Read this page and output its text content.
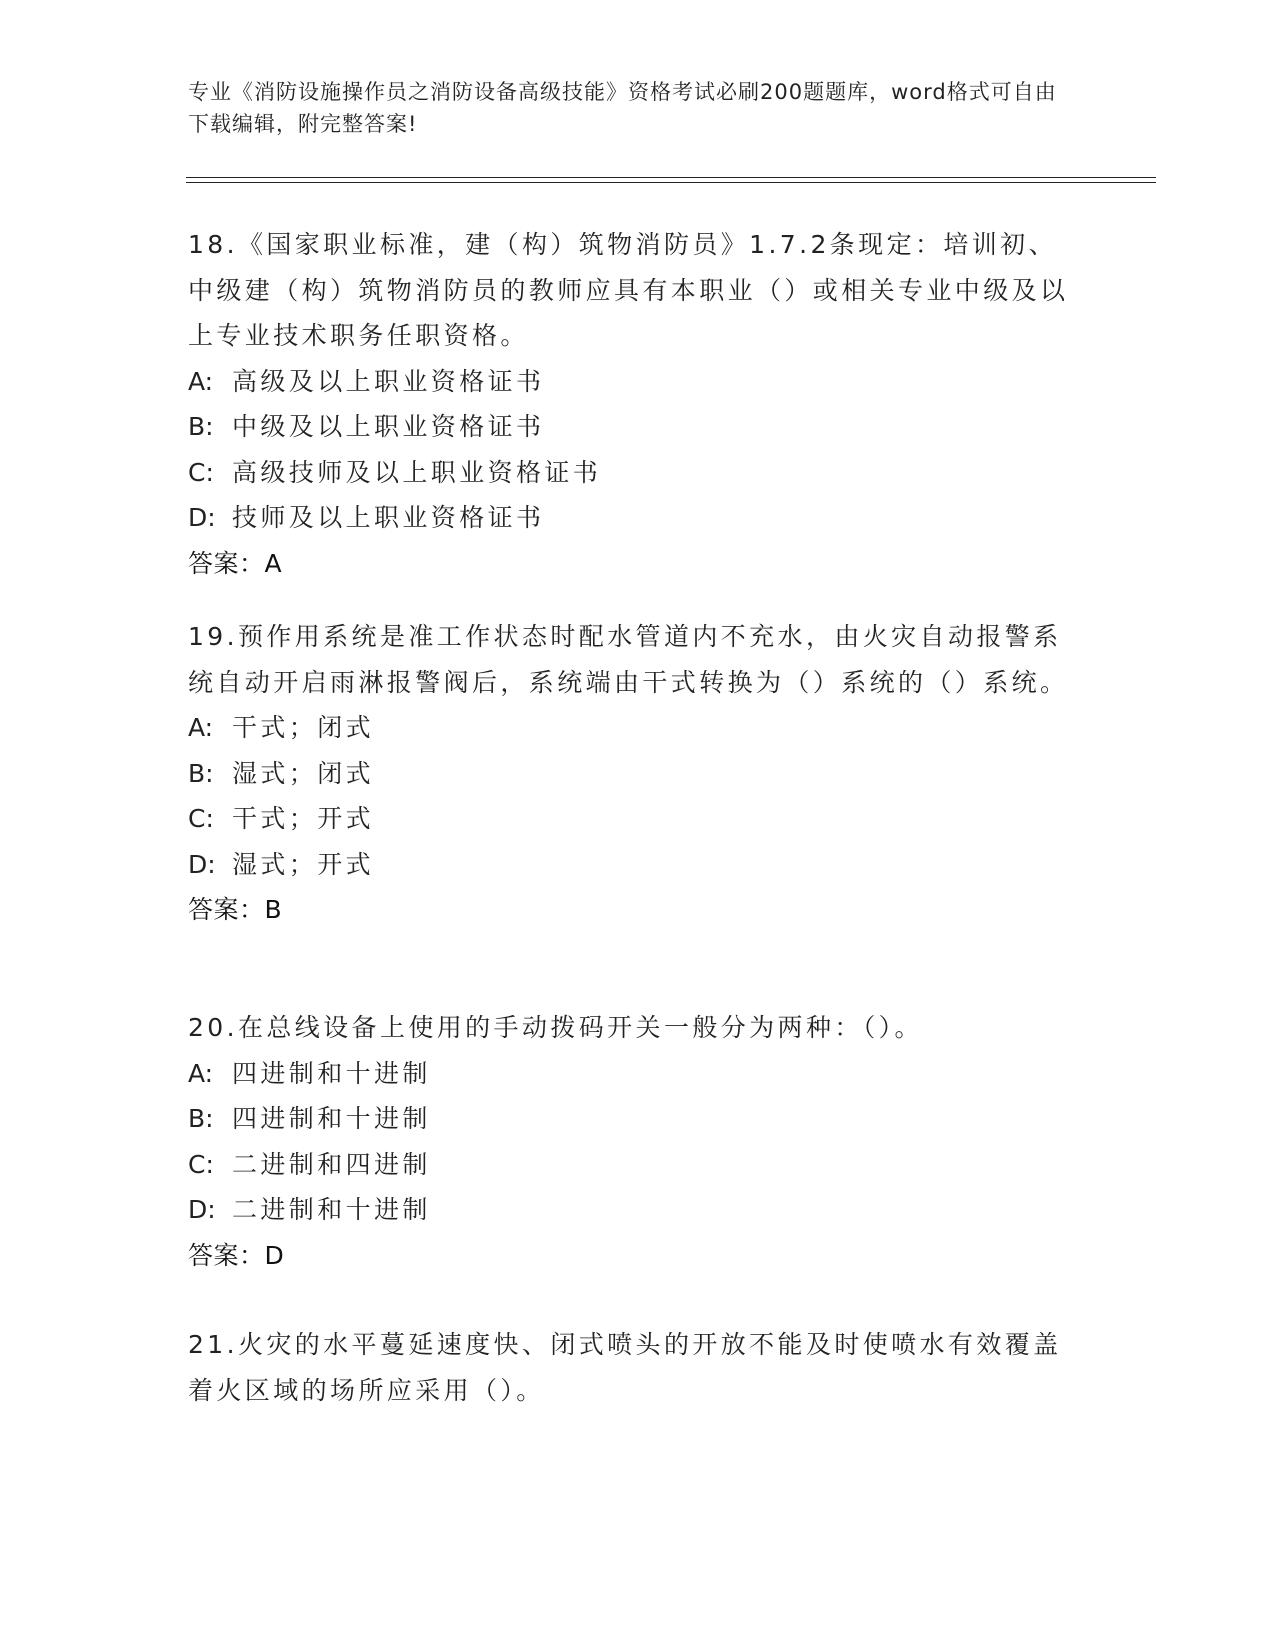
专业《消防设施操作员之消防设备高级技能》资格考试必刷200题题库，word格式可自由下载编辑，附完整答案!

18.《国家职业标准，建（构）筑物消防员》1.7.2条现定：培训初、中级建（构）筑物消防员的教师应具有本职业（）或相关专业中级及以上专业技术职务任职资格。

A: 高级及以上职业资格证书
B: 中级及以上职业资格证书
C: 高级技师及以上职业资格证书
D: 技师及以上职业资格证书
答案：A

19.预作用系统是准工作状态时配水管道内不充水，由火灾自动报警系统自动开启雨淋报警阀后，系统端由干式转换为（）系统的（）系统。

A: 干式；闭式
B: 湿式；闭式
C: 干式；开式
D: 湿式；开式
答案：B

20.在总线设备上使用的手动拨码开关一般分为两种：（）。

A: 四进制和十进制
B: 四进制和十进制
C: 二进制和四进制
D: 二进制和十进制
答案：D

21.火灾的水平蔓延速度快、闭式喷头的开放不能及时使喷水有效覆盖着火区域的场所应采用（）。
